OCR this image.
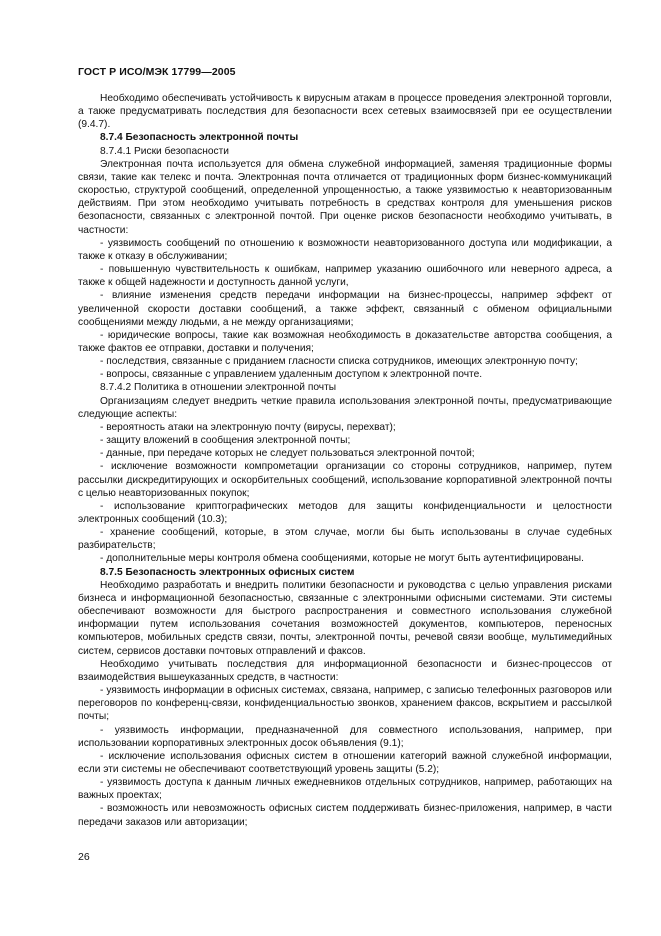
ГОСТ Р ИСО/МЭК 17799—2005

Необходимо обеспечивать устойчивость к вирусным атакам в процессе проведения электронной торговли, а также предусматривать последствия для безопасности всех сетевых взаимосвязей при ее осуществлении (9.4.7).

8.7.4 Безопасность электронной почты

8.7.4.1 Риски безопасности

Электронная почта используется для обмена служебной информацией, заменяя традиционные формы связи, такие как телекс и почта. Электронная почта отличается от традиционных форм бизнес-коммуникаций скоростью, структурой сообщений, определенной упрощенностью, а также уязвимостью к неавторизованным действиям. При этом необходимо учитывать потребность в средствах контроля для уменьшения рисков безопасности, связанных с электронной почтой. При оценке рисков безопасности необходимо учитывать, в частности:

- уязвимость сообщений по отношению к возможности неавторизованного доступа или модификации, а также к отказу в обслуживании;

- повышенную чувствительность к ошибкам, например указанию ошибочного или неверного адреса, а также к общей надежности и доступность данной услуги,

- влияние изменения средств передачи информации на бизнес-процессы, например эффект от увеличенной скорости доставки сообщений, а также эффект, связанный с обменом официальными сообщениями между людьми, а не между организациями;

- юридические вопросы, такие как возможная необходимость в доказательстве авторства сообщения, а также фактов ее отправки, доставки и получения;

- последствия, связанные с приданием гласности списка сотрудников, имеющих электронную почту;

- вопросы, связанные с управлением удаленным доступом к электронной почте.

8.7.4.2 Политика в отношении электронной почты

Организациям следует внедрить четкие правила использования электронной почты, предусматривающие следующие аспекты:

- вероятность атаки на электронную почту (вирусы, перехват);

- защиту вложений в сообщения электронной почты;

- данные, при передаче которых не следует пользоваться электронной почтой;

- исключение возможности компрометации организации со стороны сотрудников, например, путем рассылки дискредитирующих и оскорбительных сообщений, использование корпоративной электронной почты с целью неавторизованных покупок;

- использование криптографических методов для защиты конфиденциальности и целостности электронных сообщений (10.3);

- хранение сообщений, которые, в этом случае, могли бы быть использованы в случае судебных разбирательств;

- дополнительные меры контроля обмена сообщениями, которые не могут быть аутентифицированы.

8.7.5 Безопасность электронных офисных систем

Необходимо разработать и внедрить политики безопасности и руководства с целью управления рисками бизнеса и информационной безопасностью, связанные с электронными офисными системами. Эти системы обеспечивают возможности для быстрого распространения и совместного использования служебной информации путем использования сочетания возможностей документов, компьютеров, переносных компьютеров, мобильных средств связи, почты, электронной почты, речевой связи вообще, мультимедийных систем, сервисов доставки почтовых отправлений и факсов.

Необходимо учитывать последствия для информационной безопасности и бизнес-процессов от взаимодействия вышеуказанных средств, в частности:

- уязвимость информации в офисных системах, связана, например, с записью телефонных разговоров или переговоров по конференц-связи, конфиденциальностью звонков, хранением факсов, вскрытием и рассылкой почты;

- уязвимость информации, предназначенной для совместного использования, например, при использовании корпоративных электронных досок объявления (9.1);

- исключение использования офисных систем в отношении категорий важной служебной информации, если эти системы не обеспечивают соответствующий уровень защиты (5.2);

- уязвимость доступа к данным личных ежедневников отдельных сотрудников, например, работающих на важных проектах;

- возможность или невозможность офисных систем поддерживать бизнес-приложения, например, в части передачи заказов или авторизации;

26
